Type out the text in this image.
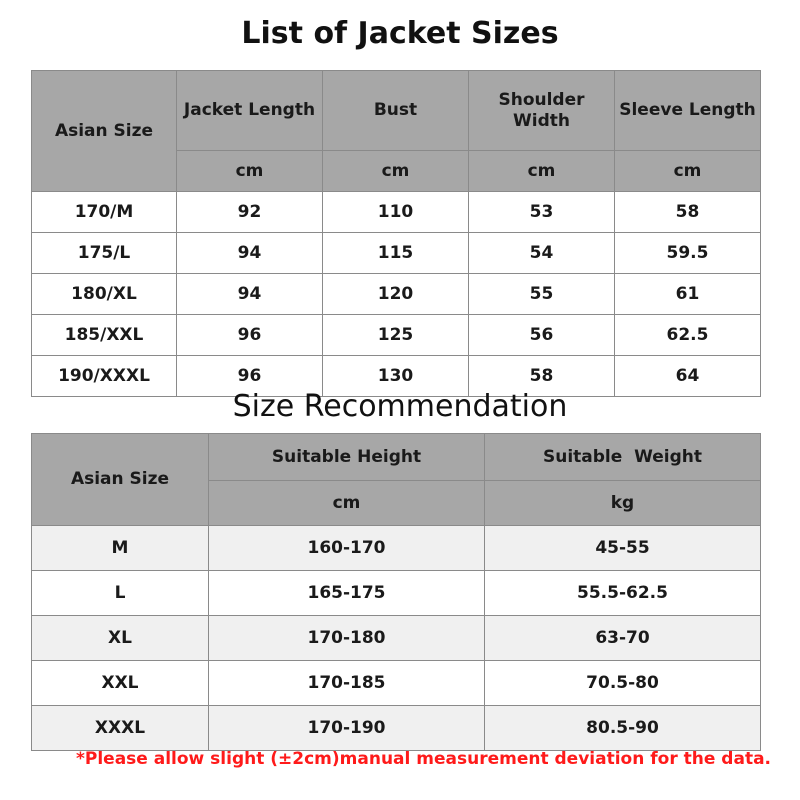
List of Jacket Sizes
Asian Size	Jacket Length	Bust	Shoulder Width	Sleeve Length
	cm	cm	cm	cm
170/M	92	110	53	58
175/L	94	115	54	59.5
180/XL	94	120	55	61
185/XXL	96	125	56	62.5
190/XXXL	96	130	58	64
Size Recommendation
Asian Size	Suitable Height	Suitable  Weight
	cm	kg
M	160-170	45-55
L	165-175	55.5-62.5
XL	170-180	63-70
XXL	170-185	70.5-80
XXXL	170-190	80.5-90
*Please allow slight (±2cm)manual measurement deviation for the data.
